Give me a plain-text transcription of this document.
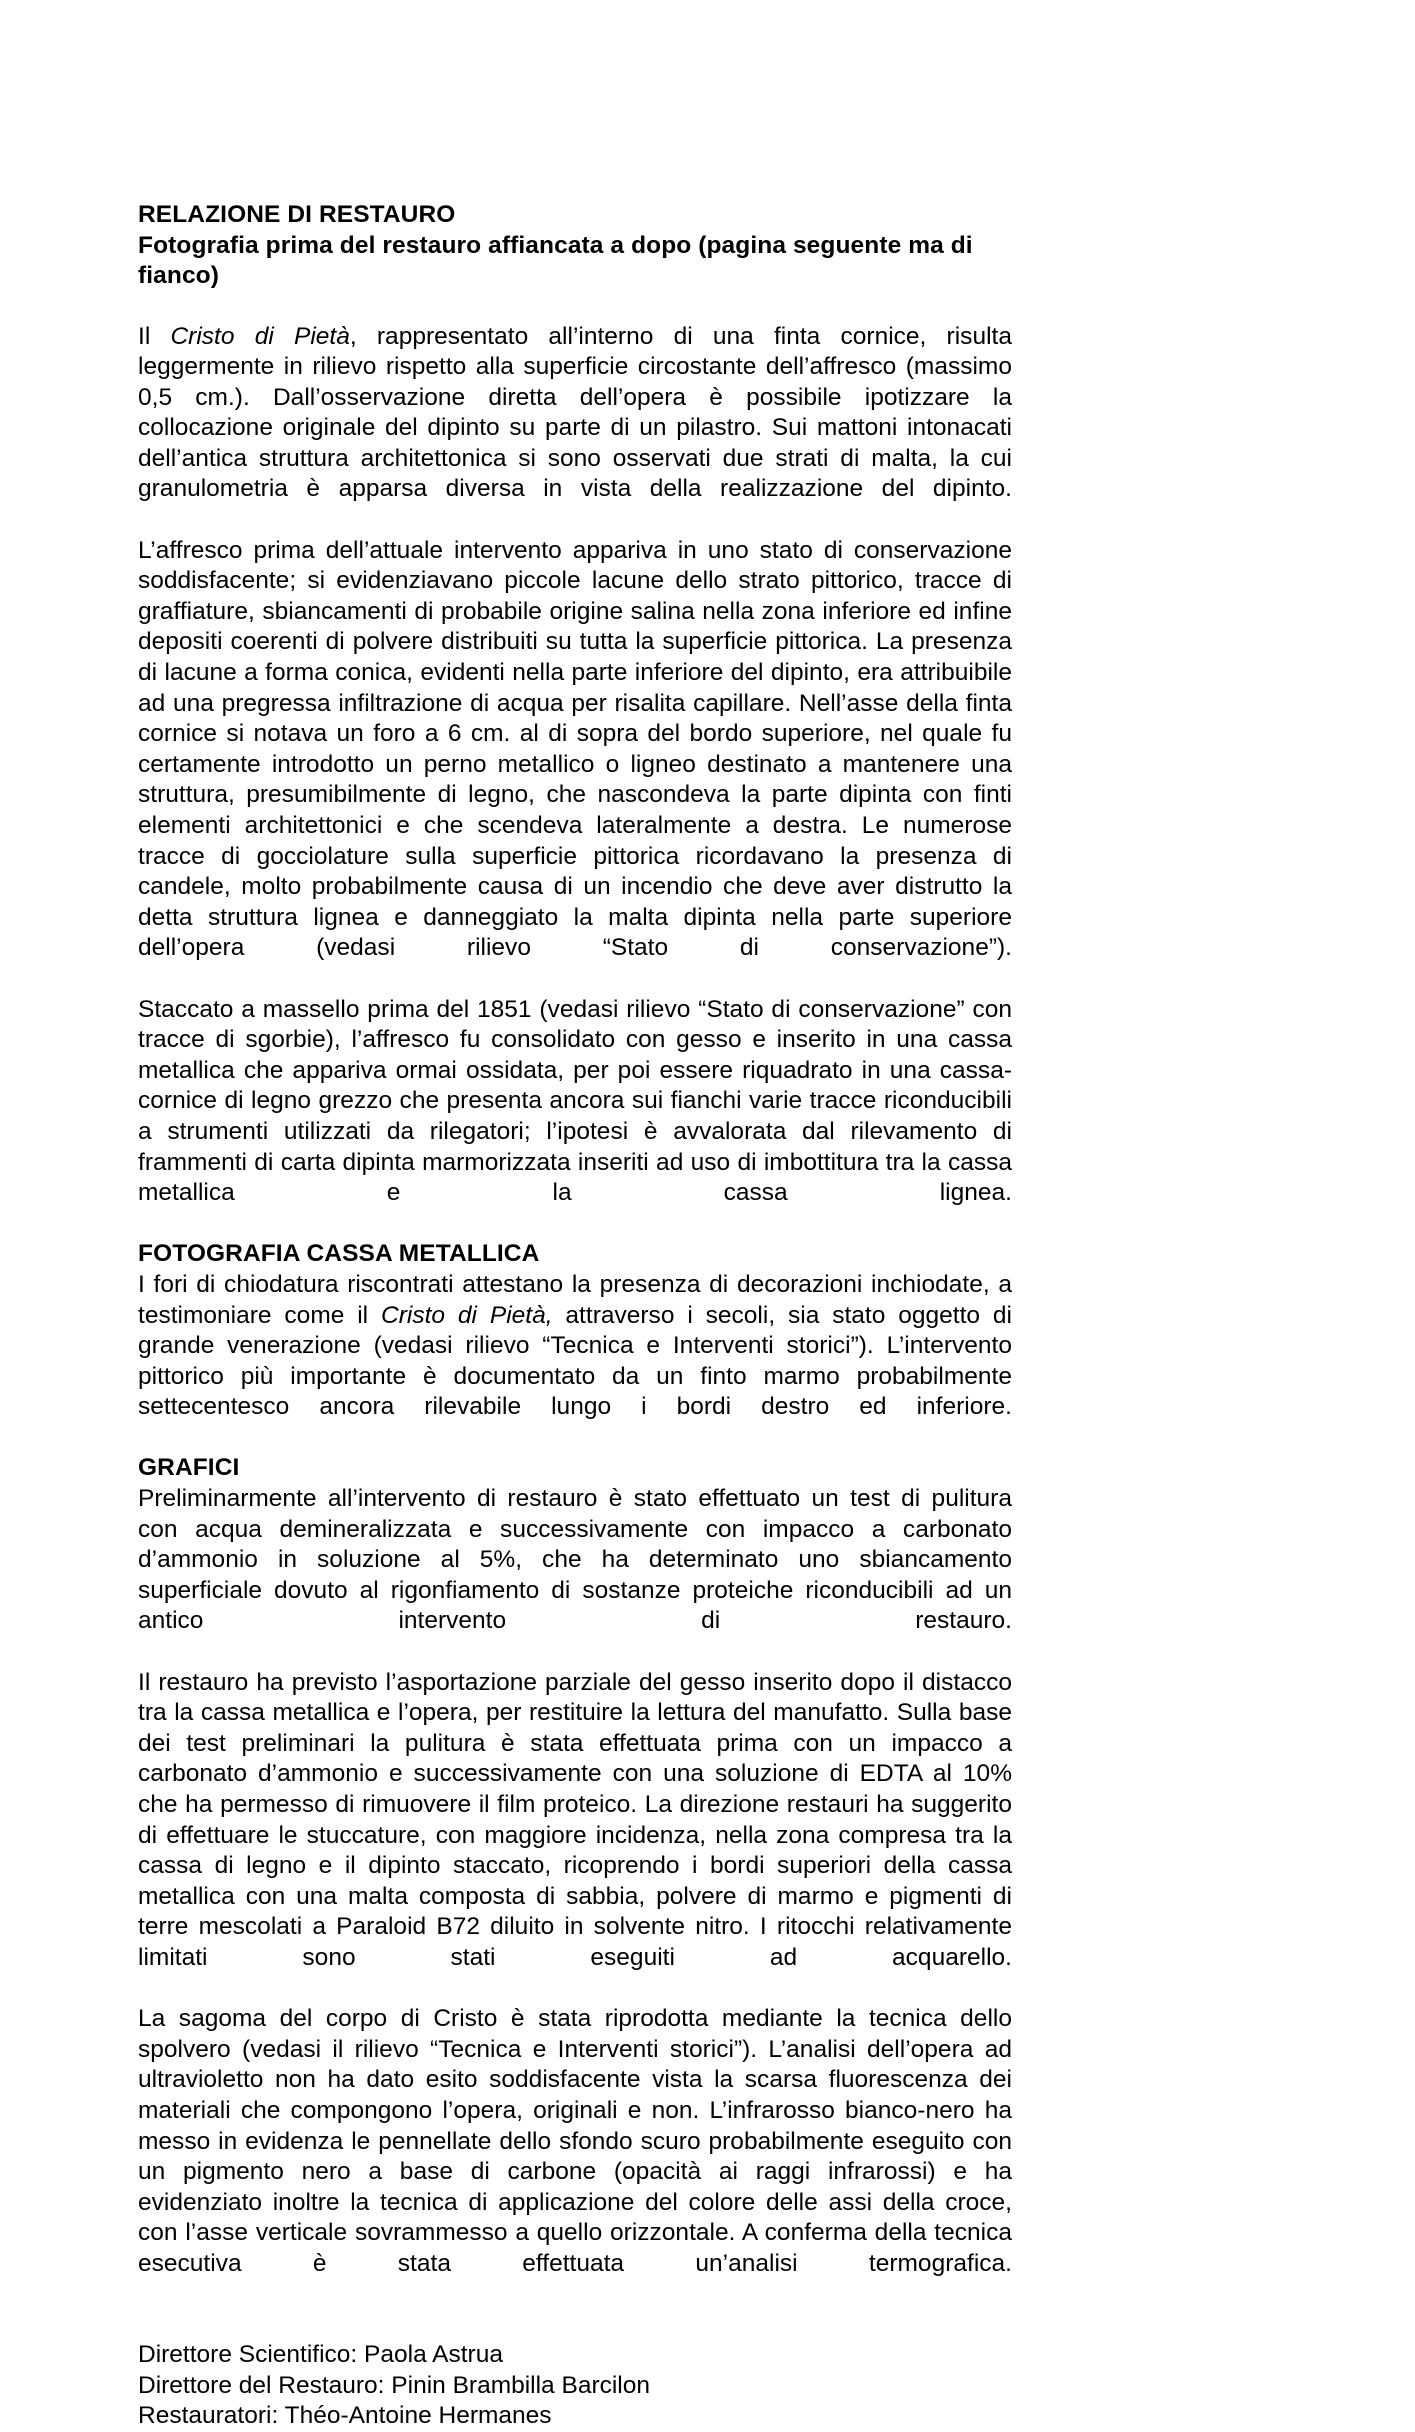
RELAZIONE DI RESTAURO
Fotografia prima del restauro affiancata a dopo (pagina seguente ma di fianco)

Il Cristo di Pietà, rappresentato all’interno di una finta cornice, risulta leggermente in rilievo rispetto alla superficie circostante dell’affresco (massimo 0,5 cm.). Dall’osservazione diretta dell’opera è possibile ipotizzare la collocazione originale del dipinto su parte di un pilastro. Sui mattoni intonacati dell’antica struttura architettonica si sono osservati due strati di malta, la cui granulometria è apparsa diversa in vista della realizzazione del dipinto.

L’affresco prima dell’attuale intervento appariva in uno stato di conservazione soddisfacente; si evidenziavano piccole lacune dello strato pittorico, tracce di graffiature, sbiancamenti di probabile origine salina nella zona inferiore ed infine depositi coerenti di polvere distribuiti su tutta la superficie pittorica. La presenza di lacune a forma conica, evidenti nella parte inferiore del dipinto, era attribuibile ad una pregressa infiltrazione di acqua per risalita capillare. Nell’asse della finta cornice si notava un foro a 6 cm. al di sopra del bordo superiore, nel quale fu certamente introdotto un perno metallico o ligneo destinato a mantenere una struttura, presumibilmente di legno, che nascondeva la parte dipinta con finti elementi architettonici e che scendeva lateralmente a destra. Le numerose tracce di gocciolature sulla superficie pittorica ricordavano la presenza di candele, molto probabilmente causa di un incendio che deve aver distrutto la detta struttura lignea e danneggiato la malta dipinta nella parte superiore dell’opera (vedasi rilievo “Stato di conservazione”).

Staccato a massello prima del 1851 (vedasi rilievo “Stato di conservazione” con tracce di sgorbie), l’affresco fu consolidato con gesso e inserito in una cassa metallica che appariva ormai ossidata, per poi essere riquadrato in una cassa-cornice di legno grezzo che presenta ancora sui fianchi varie tracce riconducibili a strumenti utilizzati da rilegatori; l’ipotesi è avvalorata dal rilevamento di frammenti di carta dipinta marmorizzata inseriti ad uso di imbottitura tra la cassa metallica e la cassa lignea.

FOTOGRAFIA CASSA METALLICA

I fori di chiodatura riscontrati attestano la presenza di decorazioni inchiodate, a testimoniare come il Cristo di Pietà, attraverso i secoli, sia stato oggetto di grande venerazione (vedasi rilievo “Tecnica e Interventi storici”). L’intervento pittorico più importante è documentato da un finto marmo probabilmente settecentesco ancora rilevabile lungo i bordi destro ed inferiore.

GRAFICI

Preliminarmente all’intervento di restauro è stato effettuato un test di pulitura con acqua demineralizzata e successivamente con impacco a carbonato d’ammonio in soluzione al 5%, che ha determinato uno sbiancamento superficiale dovuto al rigonfiamento di sostanze proteiche riconducibili ad un antico intervento di restauro.

Il restauro ha previsto l’asportazione parziale del gesso inserito dopo il distacco tra la cassa metallica e l’opera, per restituire la lettura del manufatto. Sulla base dei test preliminari la pulitura è stata effettuata prima con un impacco a carbonato d’ammonio e successivamente con una soluzione di EDTA al 10% che ha permesso di rimuovere il film proteico. La direzione restauri ha suggerito di effettuare le stuccature, con maggiore incidenza, nella zona compresa tra la cassa di legno e il dipinto staccato, ricoprendo i bordi superiori della cassa metallica con una malta composta di sabbia, polvere di marmo e pigmenti di terre mescolati a Paraloid B72 diluito in solvente nitro. I ritocchi relativamente limitati sono stati eseguiti ad acquarello.

La sagoma del corpo di Cristo è stata riprodotta mediante la tecnica dello spolvero (vedasi il rilievo “Tecnica e Interventi storici”). L’analisi dell’opera ad ultravioletto non ha dato esito soddisfacente vista la scarsa fluorescenza dei materiali che compongono l’opera, originali e non. L’infrarosso bianco-nero ha messo in evidenza le pennellate dello sfondo scuro probabilmente eseguito con un pigmento nero a base di carbone (opacità ai raggi infrarossi) e ha evidenziato inoltre la tecnica di applicazione del colore delle assi della croce, con l’asse verticale sovrammesso a quello orizzontale. A conferma della tecnica esecutiva è stata effettuata un’analisi termografica.

Direttore Scientifico: Paola Astrua

Direttore del Restauro: Pinin Brambilla Barcilon

Restauratori: Théo-Antoine Hermanes
